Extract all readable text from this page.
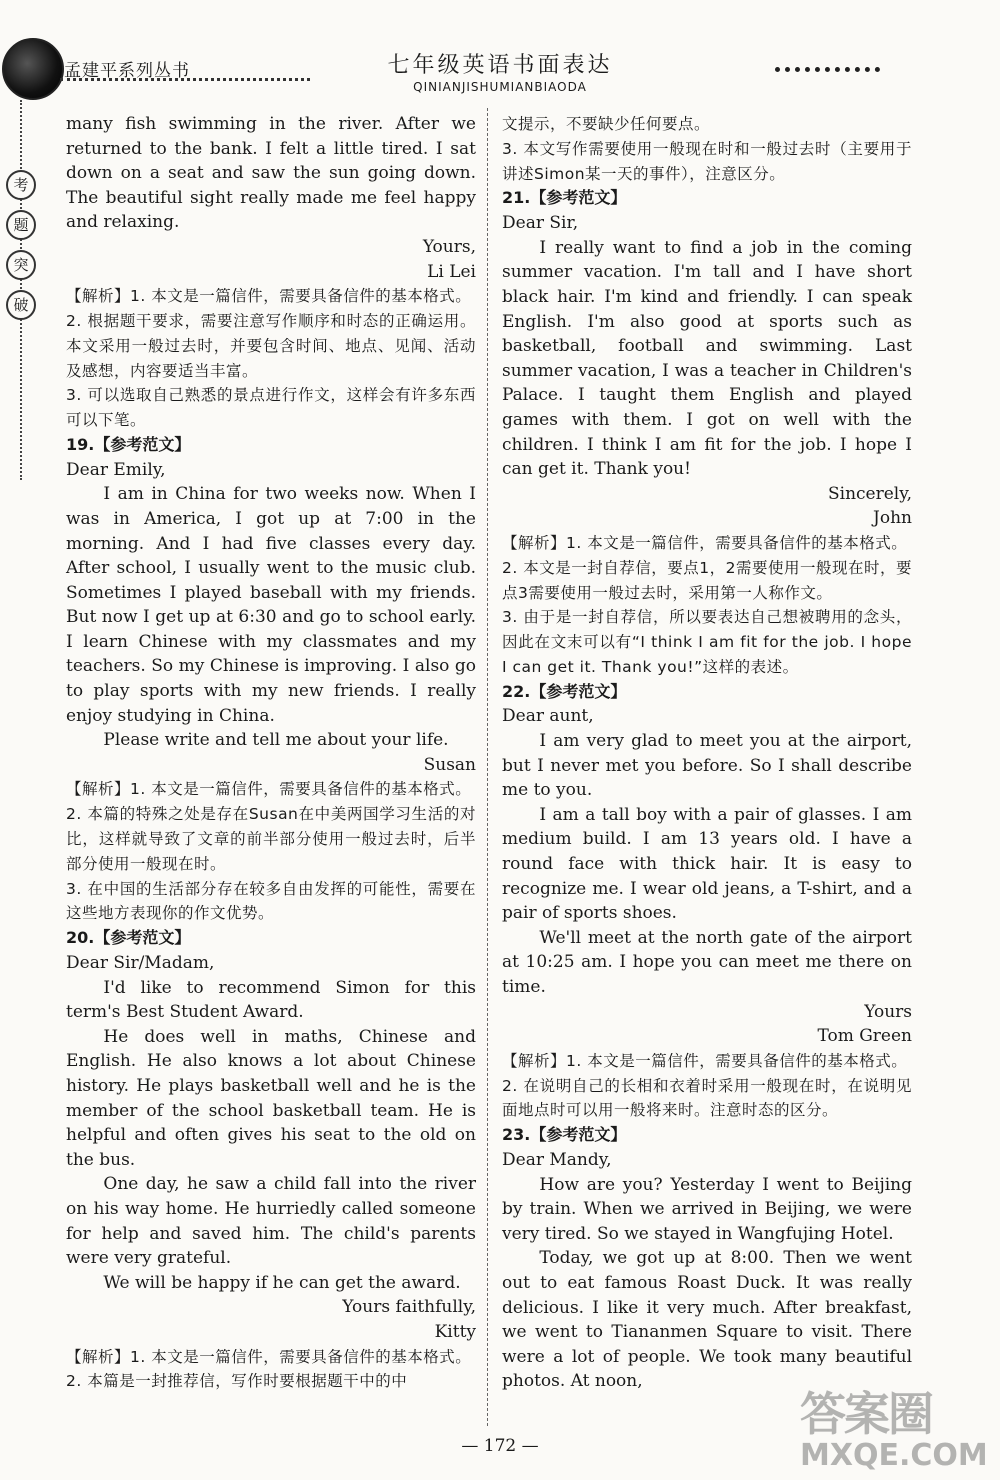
孟建平系列丛书	七年级英语书面表达
QINIANJISHUMIANBIAODA
考
题
突
破

many fish swimming in the river. After we returned to the bank. I felt a little tired. I sat down on a seat and saw the sun going down. The beautiful sight really made me feel happy and relaxing.

Yours,

Li Lei

【解析】1. 本文是一篇信件，需要具备信件的基本格式。

2. 根据题干要求，需要注意写作顺序和时态的正确运用。本文采用一般过去时，并要包含时间、地点、见闻、活动及感想，内容要适当丰富。

3. 可以选取自己熟悉的景点进行作文，这样会有许多东西可以下笔。

19.【参考范文】

Dear Emily,

I am in China for two weeks now. When I was in America, I got up at 7:00 in the morning. And I had five classes every day. After school, I usually went to the music club. Sometimes I played baseball with my friends. But now I get up at 6:30 and go to school early. I learn Chinese with my classmates and my teachers. So my Chinese is improving. I also go to play sports with my new friends. I really enjoy studying in China.

Please write and tell me about your life.

Susan

【解析】1. 本文是一篇信件，需要具备信件的基本格式。

2. 本篇的特殊之处是存在Susan在中美两国学习生活的对比，这样就导致了文章的前半部分使用一般过去时，后半部分使用一般现在时。

3. 在中国的生活部分存在较多自由发挥的可能性，需要在这些地方表现你的作文优势。

20.【参考范文】

Dear Sir/Madam,

I'd like to recommend Simon for this term's Best Student Award.

He does well in maths, Chinese and English. He also knows a lot about Chinese history. He plays basketball well and he is the member of the school basketball team. He is helpful and often gives his seat to the old on the bus.

One day, he saw a child fall into the river on his way home. He hurriedly called someone for help and saved him. The child's parents were very grateful.

We will be happy if he can get the award.

Yours faithfully,

Kitty

【解析】1. 本文是一篇信件，需要具备信件的基本格式。

2. 本篇是一封推荐信，写作时要根据题干中的中

文提示，不要缺少任何要点。

3. 本文写作需要使用一般现在时和一般过去时（主要用于讲述Simon某一天的事件），注意区分。

21.【参考范文】

Dear Sir,

I really want to find a job in the coming summer vacation. I'm tall and I have short black hair. I'm kind and friendly. I can speak English. I'm also good at sports such as basketball, football and swimming. Last summer vacation, I was a teacher in Children's Palace. I taught them English and played games with them. I got on well with the children. I think I am fit for the job. I hope I can get it. Thank you!

Sincerely,

John

【解析】1. 本文是一篇信件，需要具备信件的基本格式。

2. 本文是一封自荐信，要点1，2需要使用一般现在时，要点3需要使用一般过去时，采用第一人称作文。

3. 由于是一封自荐信，所以要表达自己想被聘用的念头，因此在文末可以有“I think I am fit for the job. I hope I can get it. Thank you!”这样的表述。

22.【参考范文】

Dear aunt,

I am very glad to meet you at the airport, but I never met you before. So I shall describe me to you.

I am a tall boy with a pair of glasses. I am medium build. I am 13 years old. I have a round face with thick hair. It is easy to recognize me. I wear old jeans, a T-shirt, and a pair of sports shoes.

We'll meet at the north gate of the airport at 10:25 am. I hope you can meet me there on time.

Yours

Tom Green

【解析】1. 本文是一篇信件，需要具备信件的基本格式。

2. 在说明自己的长相和衣着时采用一般现在时，在说明见面地点时可以用一般将来时。注意时态的区分。

23.【参考范文】

Dear Mandy,

How are you? Yesterday I went to Beijing by train. When we arrived in Beijing, we were very tired. So we stayed in Wangfujing Hotel.

Today, we got up at 8:00. Then we went out to eat famous Roast Duck. It was really delicious. I like it very much. After breakfast, we went to Tiananmen Square to visit. There were a lot of people. We took many beautiful photos. At noon,

— 172 —
答案圈
MXQE.COM
